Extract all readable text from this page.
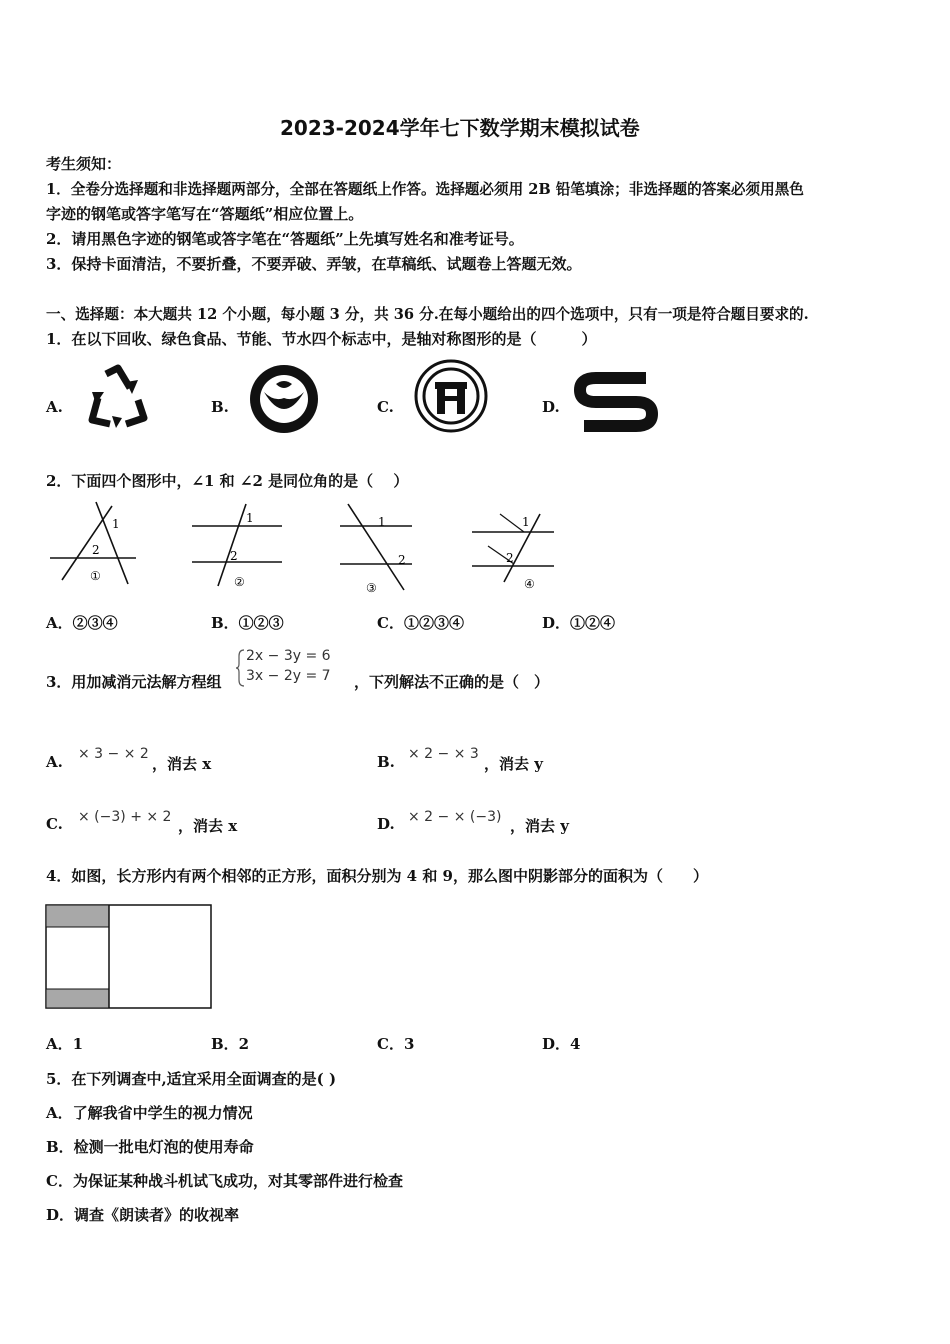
2023-2024学年七下数学期末模拟试卷
考生须知：
1．全卷分选择题和非选择题两部分，全部在答题纸上作答。选择题必须用 2B 铅笔填涂；非选择题的答案必须用黑色
字迹的钢笔或答字笔写在“答题纸”相应位置上。
2．请用黑色字迹的钢笔或答字笔在“答题纸”上先填写姓名和准考证号。
3．保持卡面清洁，不要折叠，不要弄破、弄皱，在草稿纸、试题卷上答题无效。
一、选择题：本大题共 12 个小题，每小题 3 分，共 36 分.在每小题给出的四个选项中，只有一项是符合题目要求的.
1．在以下回收、绿色食品、节能、节水四个标志中，是轴对称图形的是（　　　）
A.	B.	C.	D.
2．下面四个图形中，∠1 和 ∠2 是同位角的是（　 ）
1
2
①
1
2
②
1
2
③
1
2
④
A．②③④	B．①②③	C．①②③④	D．①②④
3．用加减消元法解方程组
2x − 3y = 6
3x − 2y = 7 ，下列解法不正确的是（　）
A. × 3 − × 2
，消去 x	B. × 2 − × 3
，消去 y
C. × (−3) + × 2 ，消去 x	D. × 2 − × (−3) ，消去 y
4．如图，长方形内有两个相邻的正方形，面积分别为 4 和 9，那么图中阴影部分的面积为（　　）
A．1	B．2	C．3	D．4
5．在下列调查中,适宜采用全面调查的是( )
A．了解我省中学生的视力情况
B．检测一批电灯泡的使用寿命
C．为保证某种战斗机试飞成功，对其零部件进行检查
D．调查《朗读者》的收视率
